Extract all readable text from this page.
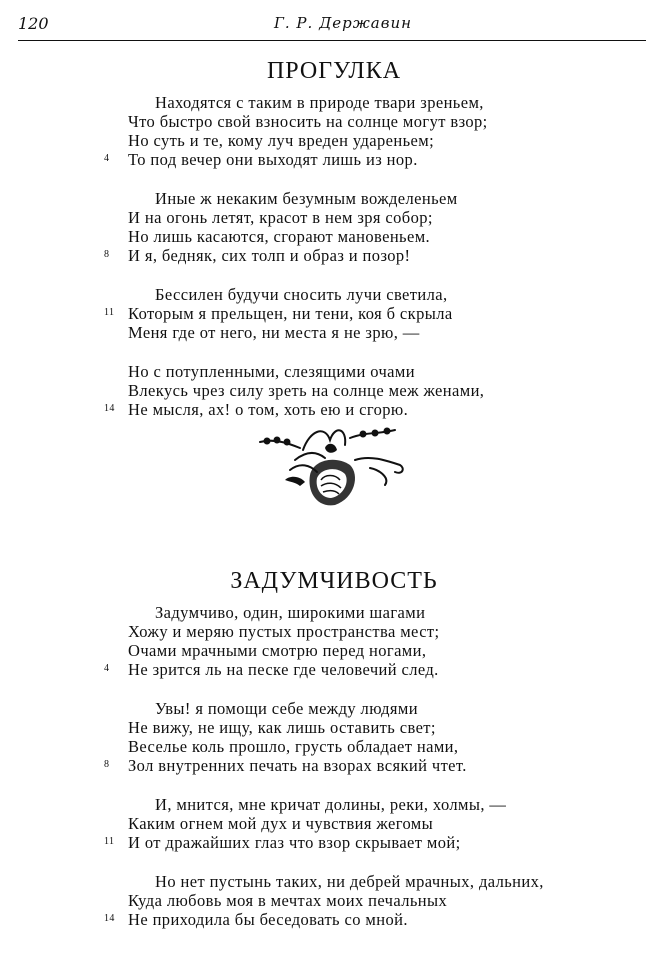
120	Г. Р. Державин
ПРОГУЛКА
Находятся с таким в природе твари зреньем,
Что быстро свой взносить на солнце могут взор;
Но суть и те, кому луч вреден удареньем;
То под вечер они выходят лишь из нор.
4
Иные ж некаким безумным вожделеньем
И на огонь летят, красот в нем зря собор;
Но лишь касаются, сгорают мановеньем.
И я, бедняк, сих толп и образ и позор!
8
Бессилен будучи сносить лучи светила,
Которым я прельщен, ни тени, коя б скрыла
11
Меня где от него, ни места я не зрю, —
Но с потупленными, слезящими очами
Влекусь чрез силу зреть на солнце меж женами,
Не мысля, ах! о том, хоть ею и сгорю.
14
ЗАДУМЧИВОСТЬ
Задумчиво, один, широкими шагами
Хожу и меряю пустых пространства мест;
Очами мрачными смотрю перед ногами,
Не зрится ль на песке где человечий след.
4
Увы! я помощи себе между людями
Не вижу, не ищу, как лишь оставить свет;
Веселье коль прошло, грусть обладает нами,
Зол внутренних печать на взорах всякий чтет.
8
И, мнится, мне кричат долины, реки, холмы, —
Каким огнем мой дух и чувствия жегомы
И от дражайших глаз что взор скрывает мой;
11
Но нет пустынь таких, ни дебрей мрачных, дальних,
Куда любовь моя в мечтах моих печальных
Не приходила бы беседовать со мной.
14
